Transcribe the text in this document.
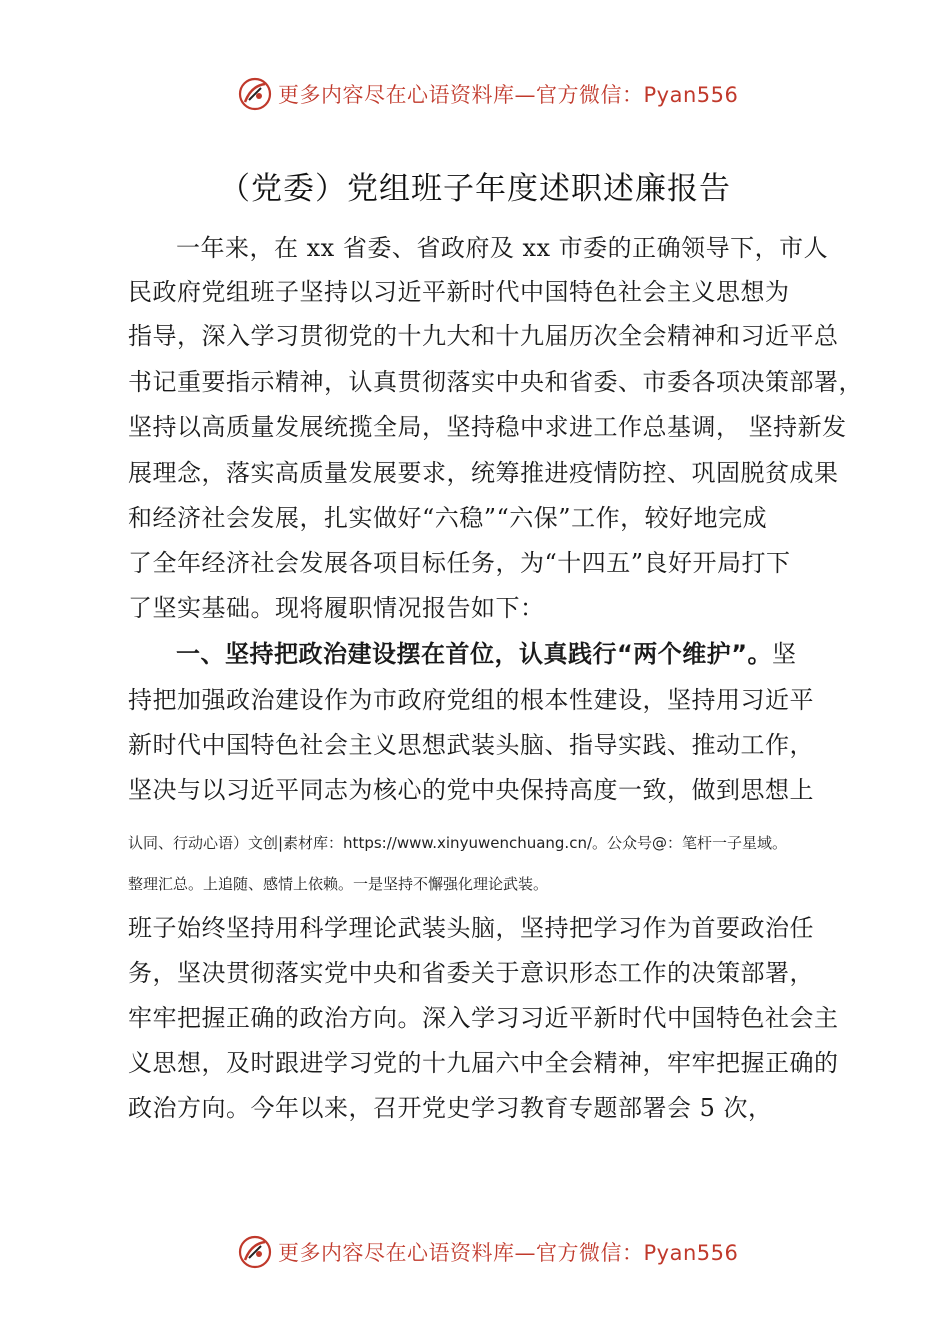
更多内容尽在心语资料库—官方微信：Pyan556
（党委）党组班子年度述职述廉报告
一年来，在 xx 省委、省政府及 xx 市委的正确领导下，市人
民政府党组班子坚持以习近平新时代中国特色社会主义思想为
指导，深入学习贯彻党的十九大和十九届历次全会精神和习近平总
书记重要指示精神，认真贯彻落实中央和省委、市委各项决策部署，
坚持以高质量发展统揽全局，坚持稳中求进工作总基调， 坚持新发
展理念，落实高质量发展要求，统筹推进疫情防控、巩固脱贫成果
和经济社会发展，扎实做好“六稳”“六保”工作，较好地完成
了全年经济社会发展各项目标任务，为“十四五”良好开局打下
了坚实基础。现将履职情况报告如下：
一、坚持把政治建设摆在首位，认真践行“两个维护”。坚
持把加强政治建设作为市政府党组的根本性建设，坚持用习近平
新时代中国特色社会主义思想武装头脑、指导实践、推动工作，
坚决与以习近平同志为核心的党中央保持高度一致，做到思想上
认同、行动心语）文创|素材库：https://www.xinyuwenchuang.cn/。公众号@：笔杆一子星域。
整理汇总。上追随、感情上依赖。一是坚持不懈强化理论武装。
班子始终坚持用科学理论武装头脑，坚持把学习作为首要政治任
务，坚决贯彻落实党中央和省委关于意识形态工作的决策部署，
牢牢把握正确的政治方向。深入学习习近平新时代中国特色社会主
义思想，及时跟进学习党的十九届六中全会精神，牢牢把握正确的
政治方向。今年以来，召开党史学习教育专题部署会 5 次，
更多内容尽在心语资料库—官方微信：Pyan556
